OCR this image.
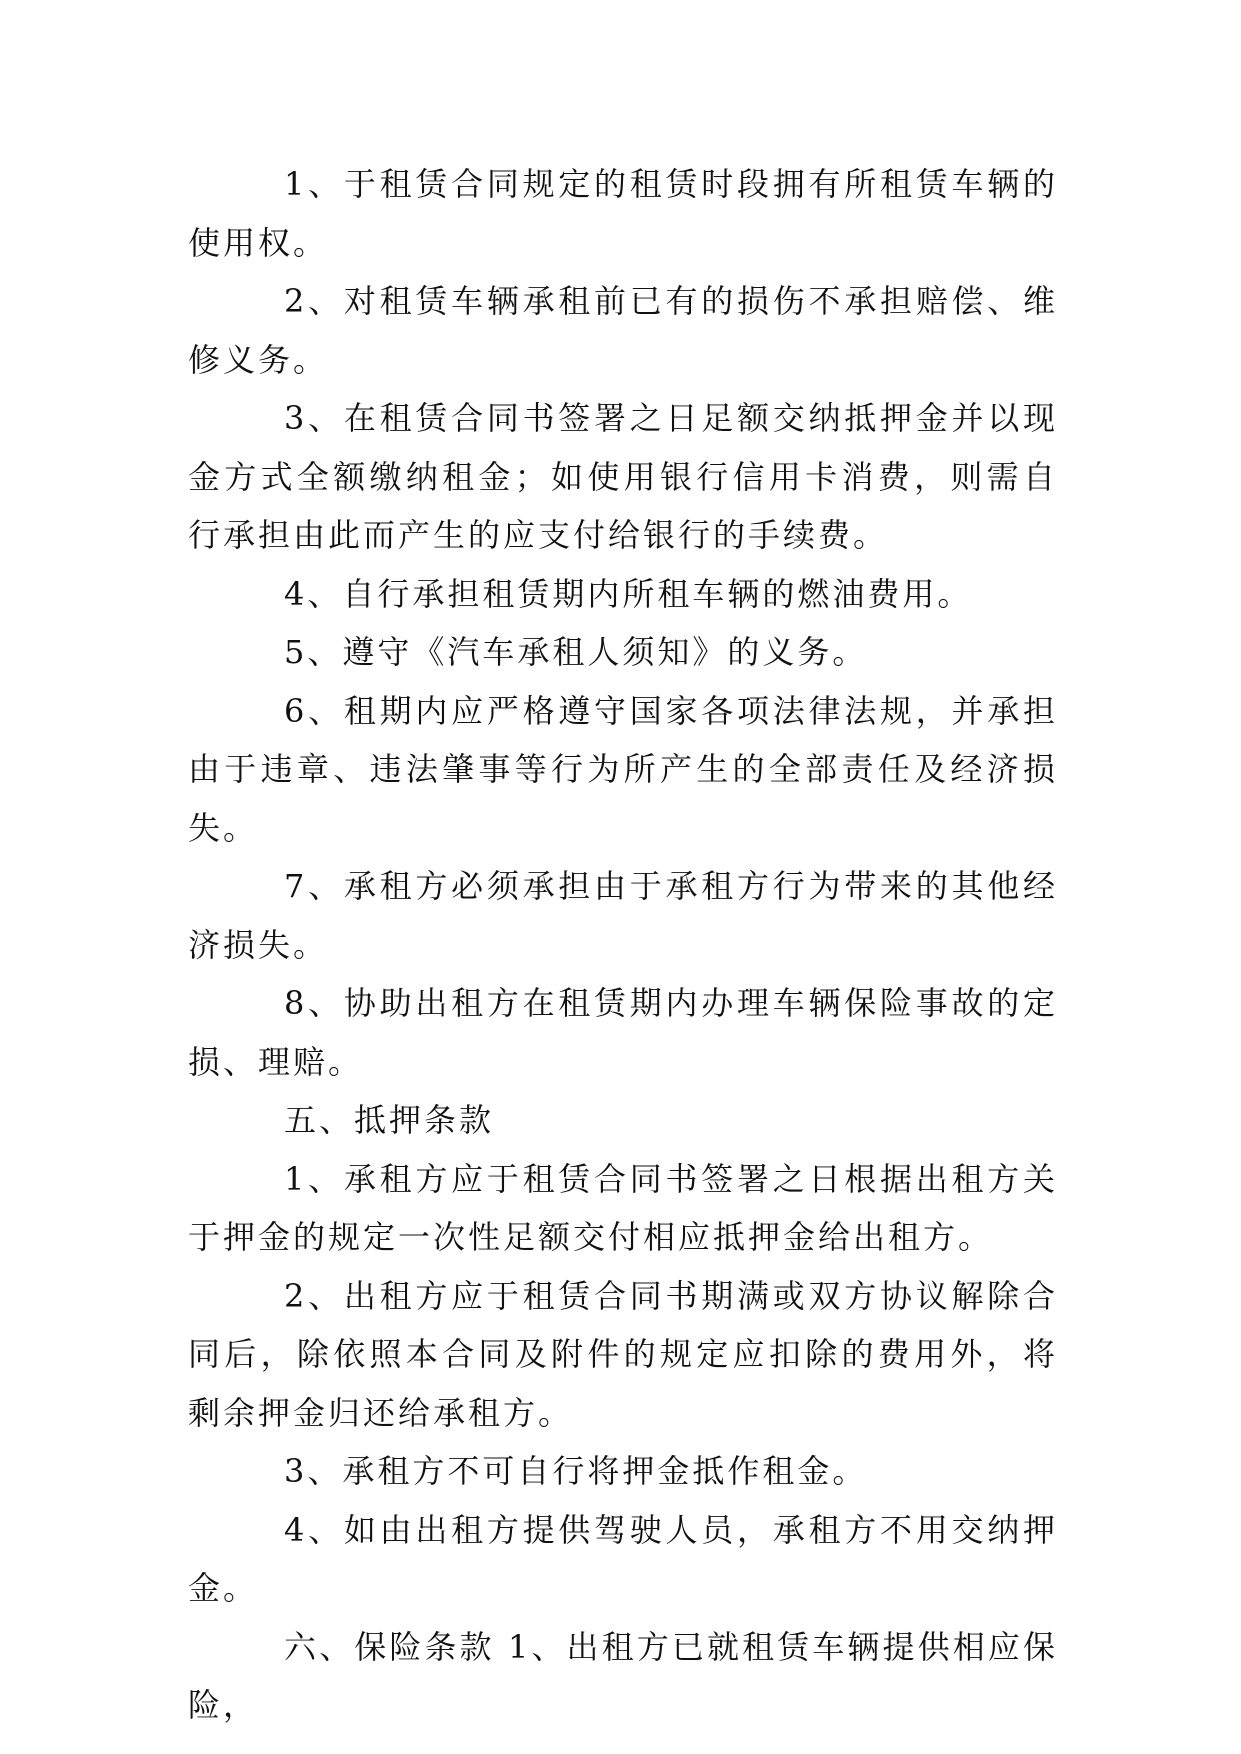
1、于租赁合同规定的租赁时段拥有所租赁车辆的使用权。

2、对租赁车辆承租前已有的损伤不承担赔偿、维修义务。

3、在租赁合同书签署之日足额交纳抵押金并以现金方式全额缴纳租金；如使用银行信用卡消费，则需自行承担由此而产生的应支付给银行的手续费。

4、自行承担租赁期内所租车辆的燃油费用。

5、遵守《汽车承租人须知》的义务。

6、租期内应严格遵守国家各项法律法规，并承担由于违章、违法肇事等行为所产生的全部责任及经济损失。

7、承租方必须承担由于承租方行为带来的其他经济损失。

8、协助出租方在租赁期内办理车辆保险事故的定损、理赔。

五、抵押条款

1、承租方应于租赁合同书签署之日根据出租方关于押金的规定一次性足额交付相应抵押金给出租方。

2、出租方应于租赁合同书期满或双方协议解除合同后，除依照本合同及附件的规定应扣除的费用外，将剩余押金归还给承租方。

3、承租方不可自行将押金抵作租金。

4、如由出租方提供驾驶人员，承租方不用交纳押金。

六、保险条款 1、出租方已就租赁车辆提供相应保险，
